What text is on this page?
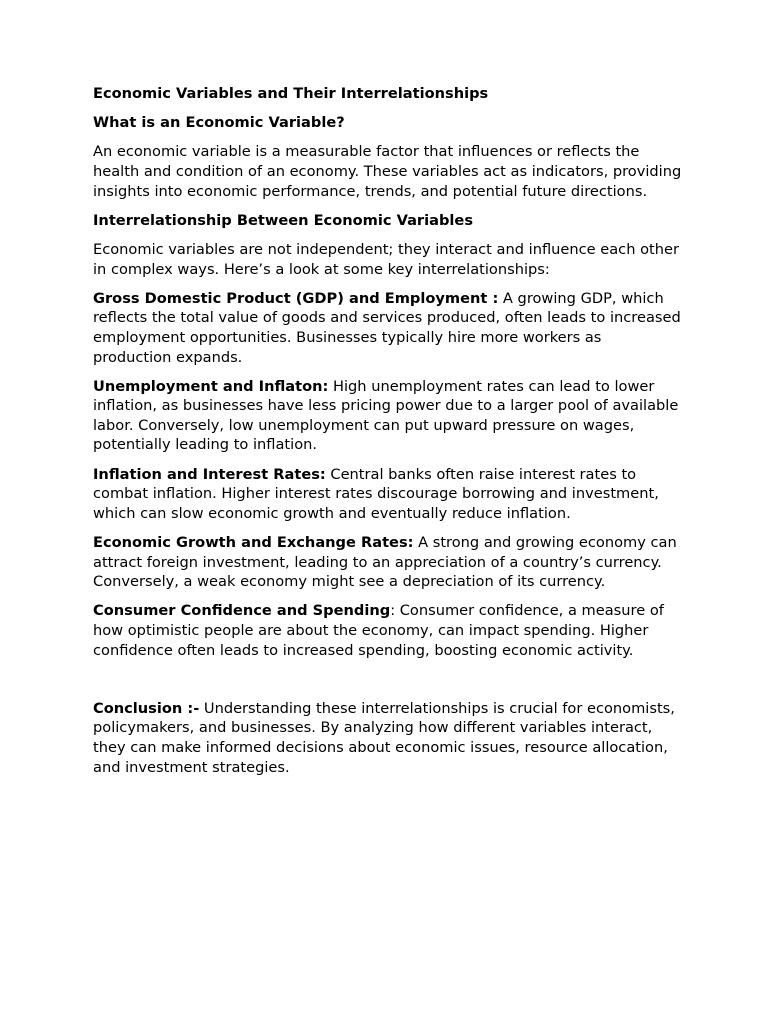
Economic Variables and Their Interrelationships

What is an Economic Variable?

An economic variable is a measurable factor that influences or reflects the health and condition of an economy. These variables act as indicators, providing insights into economic performance, trends, and potential future directions.

Interrelationship Between Economic Variables

Economic variables are not independent; they interact and influence each other in complex ways. Here’s a look at some key interrelationships:

Gross Domestic Product (GDP) and Employment : A growing GDP, which reflects the total value of goods and services produced, often leads to increased employment opportunities. Businesses typically hire more workers as production expands.

Unemployment and Inflaton: High unemployment rates can lead to lower inflation, as businesses have less pricing power due to a larger pool of available labor. Conversely, low unemployment can put upward pressure on wages, potentially leading to inflation.

Inflation and Interest Rates: Central banks often raise interest rates to combat inflation. Higher interest rates discourage borrowing and investment, which can slow economic growth and eventually reduce inflation.

Economic Growth and Exchange Rates: A strong and growing economy can attract foreign investment, leading to an appreciation of a country’s currency. Conversely, a weak economy might see a depreciation of its currency.

Consumer Confidence and Spending: Consumer confidence, a measure of how optimistic people are about the economy, can impact spending. Higher confidence often leads to increased spending, boosting economic activity.

Conclusion :- Understanding these interrelationships is crucial for economists, policymakers, and businesses. By analyzing how different variables interact, they can make informed decisions about economic issues, resource allocation, and investment strategies.
